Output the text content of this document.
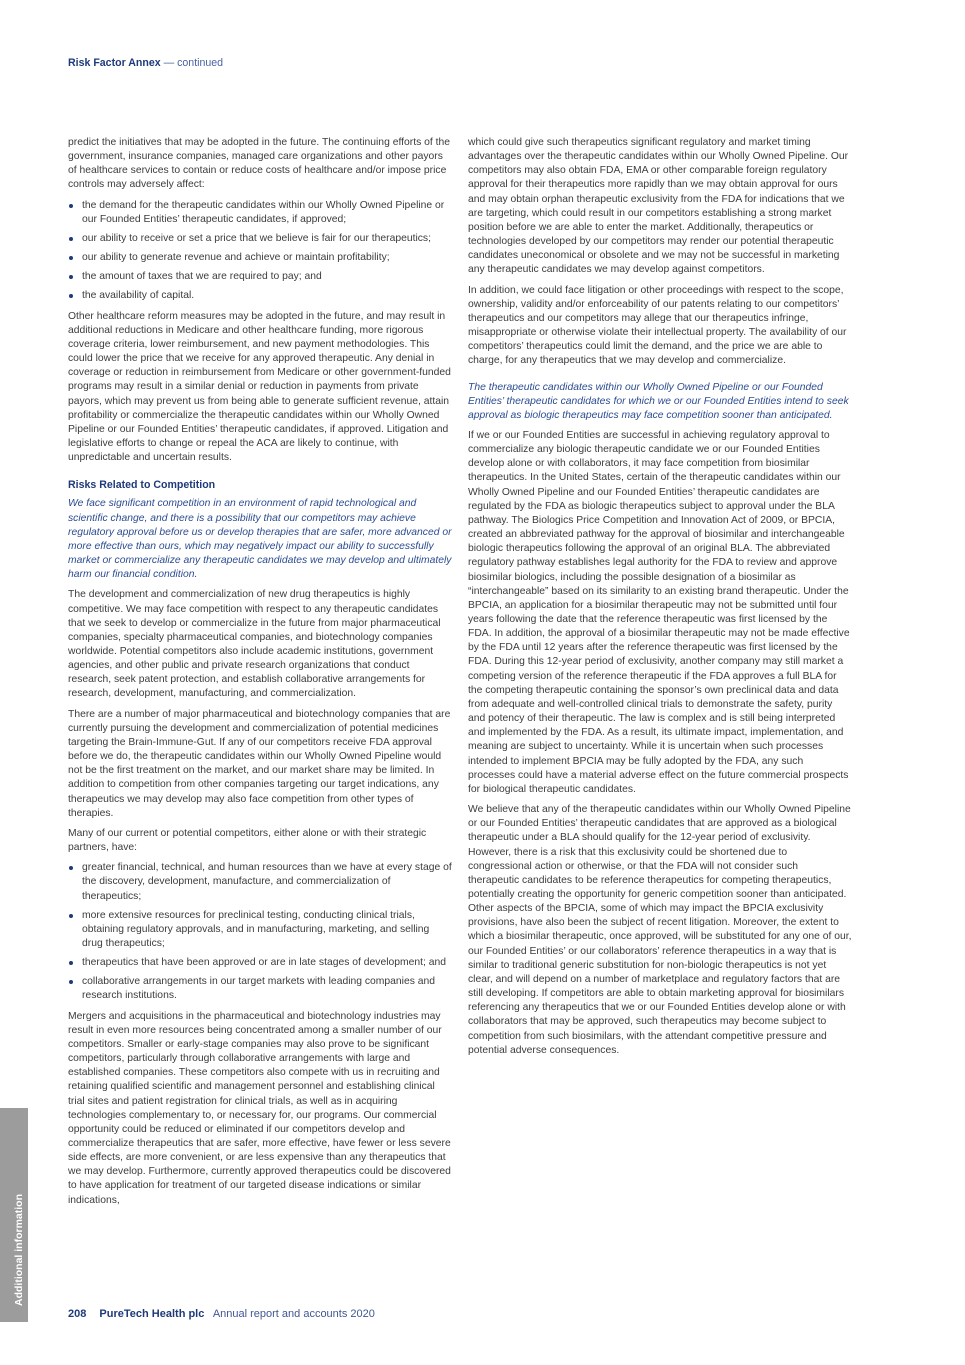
Risk Factor Annex — continued

predict the initiatives that may be adopted in the future. The continuing efforts of the government, insurance companies, managed care organizations and other payors of healthcare services to contain or reduce costs of healthcare and/or impose price controls may adversely affect:

the demand for the therapeutic candidates within our Wholly Owned Pipeline or our Founded Entities’ therapeutic candidates, if approved;
our ability to receive or set a price that we believe is fair for our therapeutics;
our ability to generate revenue and achieve or maintain profitability;
the amount of taxes that we are required to pay; and
the availability of capital.

Other healthcare reform measures may be adopted in the future, and may result in additional reductions in Medicare and other healthcare funding, more rigorous coverage criteria, lower reimbursement, and new payment methodologies. This could lower the price that we receive for any approved therapeutic. Any denial in coverage or reduction in reimbursement from Medicare or other government-funded programs may result in a similar denial or reduction in payments from private payors, which may prevent us from being able to generate sufficient revenue, attain profitability or commercialize the therapeutic candidates within our Wholly Owned Pipeline or our Founded Entities’ therapeutic candidates, if approved. Litigation and legislative efforts to change or repeal the ACA are likely to continue, with unpredictable and uncertain results.

Risks Related to Competition

We face significant competition in an environment of rapid technological and scientific change, and there is a possibility that our competitors may achieve regulatory approval before us or develop therapies that are safer, more advanced or more effective than ours, which may negatively impact our ability to successfully market or commercialize any therapeutic candidates we may develop and ultimately harm our financial condition.

The development and commercialization of new drug therapeutics is highly competitive. We may face competition with respect to any therapeutic candidates that we seek to develop or commercialize in the future from major pharmaceutical companies, specialty pharmaceutical companies, and biotechnology companies worldwide. Potential competitors also include academic institutions, government agencies, and other public and private research organizations that conduct research, seek patent protection, and establish collaborative arrangements for research, development, manufacturing, and commercialization.

There are a number of major pharmaceutical and biotechnology companies that are currently pursuing the development and commercialization of potential medicines targeting the Brain-Immune-Gut. If any of our competitors receive FDA approval before we do, the therapeutic candidates within our Wholly Owned Pipeline would not be the first treatment on the market, and our market share may be limited. In addition to competition from other companies targeting our target indications, any therapeutics we may develop may also face competition from other types of therapies.

Many of our current or potential competitors, either alone or with their strategic partners, have:

greater financial, technical, and human resources than we have at every stage of the discovery, development, manufacture, and commercialization of therapeutics;
more extensive resources for preclinical testing, conducting clinical trials, obtaining regulatory approvals, and in manufacturing, marketing, and selling drug therapeutics;
therapeutics that have been approved or are in late stages of development; and
collaborative arrangements in our target markets with leading companies and research institutions.

Mergers and acquisitions in the pharmaceutical and biotechnology industries may result in even more resources being concentrated among a smaller number of our competitors. Smaller or early-stage companies may also prove to be significant competitors, particularly through collaborative arrangements with large and established companies. These competitors also compete with us in recruiting and retaining qualified scientific and management personnel and establishing clinical trial sites and patient registration for clinical trials, as well as in acquiring technologies complementary to, or necessary for, our programs. Our commercial opportunity could be reduced or eliminated if our competitors develop and commercialize therapeutics that are safer, more effective, have fewer or less severe side effects, are more convenient, or are less expensive than any therapeutics that we may develop. Furthermore, currently approved therapeutics could be discovered to have application for treatment of our targeted disease indications or similar indications,

which could give such therapeutics significant regulatory and market timing advantages over the therapeutic candidates within our Wholly Owned Pipeline. Our competitors may also obtain FDA, EMA or other comparable foreign regulatory approval for their therapeutics more rapidly than we may obtain approval for ours and may obtain orphan therapeutic exclusivity from the FDA for indications that we are targeting, which could result in our competitors establishing a strong market position before we are able to enter the market. Additionally, therapeutics or technologies developed by our competitors may render our potential therapeutic candidates uneconomical or obsolete and we may not be successful in marketing any therapeutic candidates we may develop against competitors.

In addition, we could face litigation or other proceedings with respect to the scope, ownership, validity and/or enforceability of our patents relating to our competitors’ therapeutics and our competitors may allege that our therapeutics infringe, misappropriate or otherwise violate their intellectual property. The availability of our competitors’ therapeutics could limit the demand, and the price we are able to charge, for any therapeutics that we may develop and commercialize.

The therapeutic candidates within our Wholly Owned Pipeline or our Founded Entities’ therapeutic candidates for which we or our Founded Entities intend to seek approval as biologic therapeutics may face competition sooner than anticipated.

If we or our Founded Entities are successful in achieving regulatory approval to commercialize any biologic therapeutic candidate we or our Founded Entities develop alone or with collaborators, it may face competition from biosimilar therapeutics. In the United States, certain of the therapeutic candidates within our Wholly Owned Pipeline and our Founded Entities’ therapeutic candidates are regulated by the FDA as biologic therapeutics subject to approval under the BLA pathway. The Biologics Price Competition and Innovation Act of 2009, or BPCIA, created an abbreviated pathway for the approval of biosimilar and interchangeable biologic therapeutics following the approval of an original BLA. The abbreviated regulatory pathway establishes legal authority for the FDA to review and approve biosimilar biologics, including the possible designation of a biosimilar as “interchangeable” based on its similarity to an existing brand therapeutic. Under the BPCIA, an application for a biosimilar therapeutic may not be submitted until four years following the date that the reference therapeutic was first licensed by the FDA. In addition, the approval of a biosimilar therapeutic may not be made effective by the FDA until 12 years after the reference therapeutic was first licensed by the FDA. During this 12-year period of exclusivity, another company may still market a competing version of the reference therapeutic if the FDA approves a full BLA for the competing therapeutic containing the sponsor’s own preclinical data and data from adequate and well-controlled clinical trials to demonstrate the safety, purity and potency of their therapeutic. The law is complex and is still being interpreted and implemented by the FDA. As a result, its ultimate impact, implementation, and meaning are subject to uncertainty. While it is uncertain when such processes intended to implement BPCIA may be fully adopted by the FDA, any such processes could have a material adverse effect on the future commercial prospects for biological therapeutic candidates.

We believe that any of the therapeutic candidates within our Wholly Owned Pipeline or our Founded Entities’ therapeutic candidates that are approved as a biological therapeutic under a BLA should qualify for the 12-year period of exclusivity. However, there is a risk that this exclusivity could be shortened due to congressional action or otherwise, or that the FDA will not consider such therapeutic candidates to be reference therapeutics for competing therapeutics, potentially creating the opportunity for generic competition sooner than anticipated. Other aspects of the BPCIA, some of which may impact the BPCIA exclusivity provisions, have also been the subject of recent litigation. Moreover, the extent to which a biosimilar therapeutic, once approved, will be substituted for any one of our, our Founded Entities’ or our collaborators’ reference therapeutics in a way that is similar to traditional generic substitution for non-biologic therapeutics is not yet clear, and will depend on a number of marketplace and regulatory factors that are still developing. If competitors are able to obtain marketing approval for biosimilars referencing any therapeutics that we or our Founded Entities develop alone or with collaborators that may be approved, such therapeutics may become subject to competition from such biosimilars, with the attendant competitive pressure and potential adverse consequences.

Additional information
208 PureTech Health plc Annual report and accounts 2020
